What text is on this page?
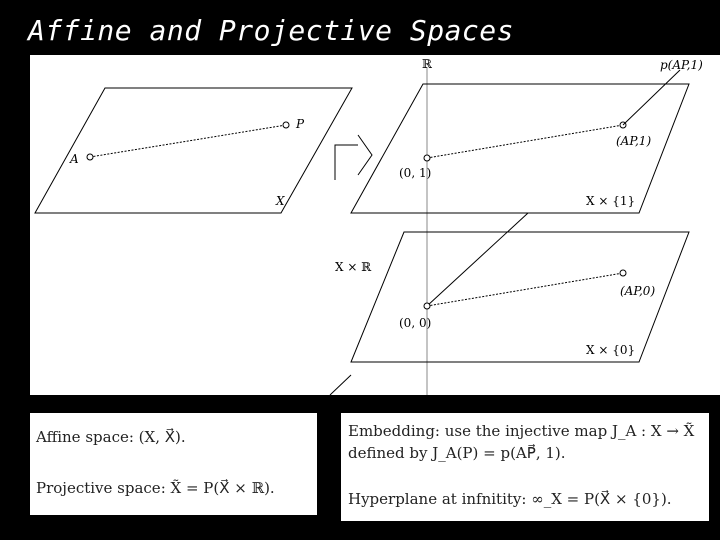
Affine and Projective Spaces
A
P
X
ℝ	p(AP,1)
(0, 1)
(AP,1)
X × {1}
X × ℝ
(0, 0)
(AP,0)
X × {0}

Affine space: (X, X⃗).

Projective space: X̃ = P(X⃗ × ℝ).

Embedding: use the injective map J_A : X → X̃

defined by J_A(P) = p(AP⃗, 1).

Hyperplane at infnitity: ∞_X = P(X⃗ × {0}).
